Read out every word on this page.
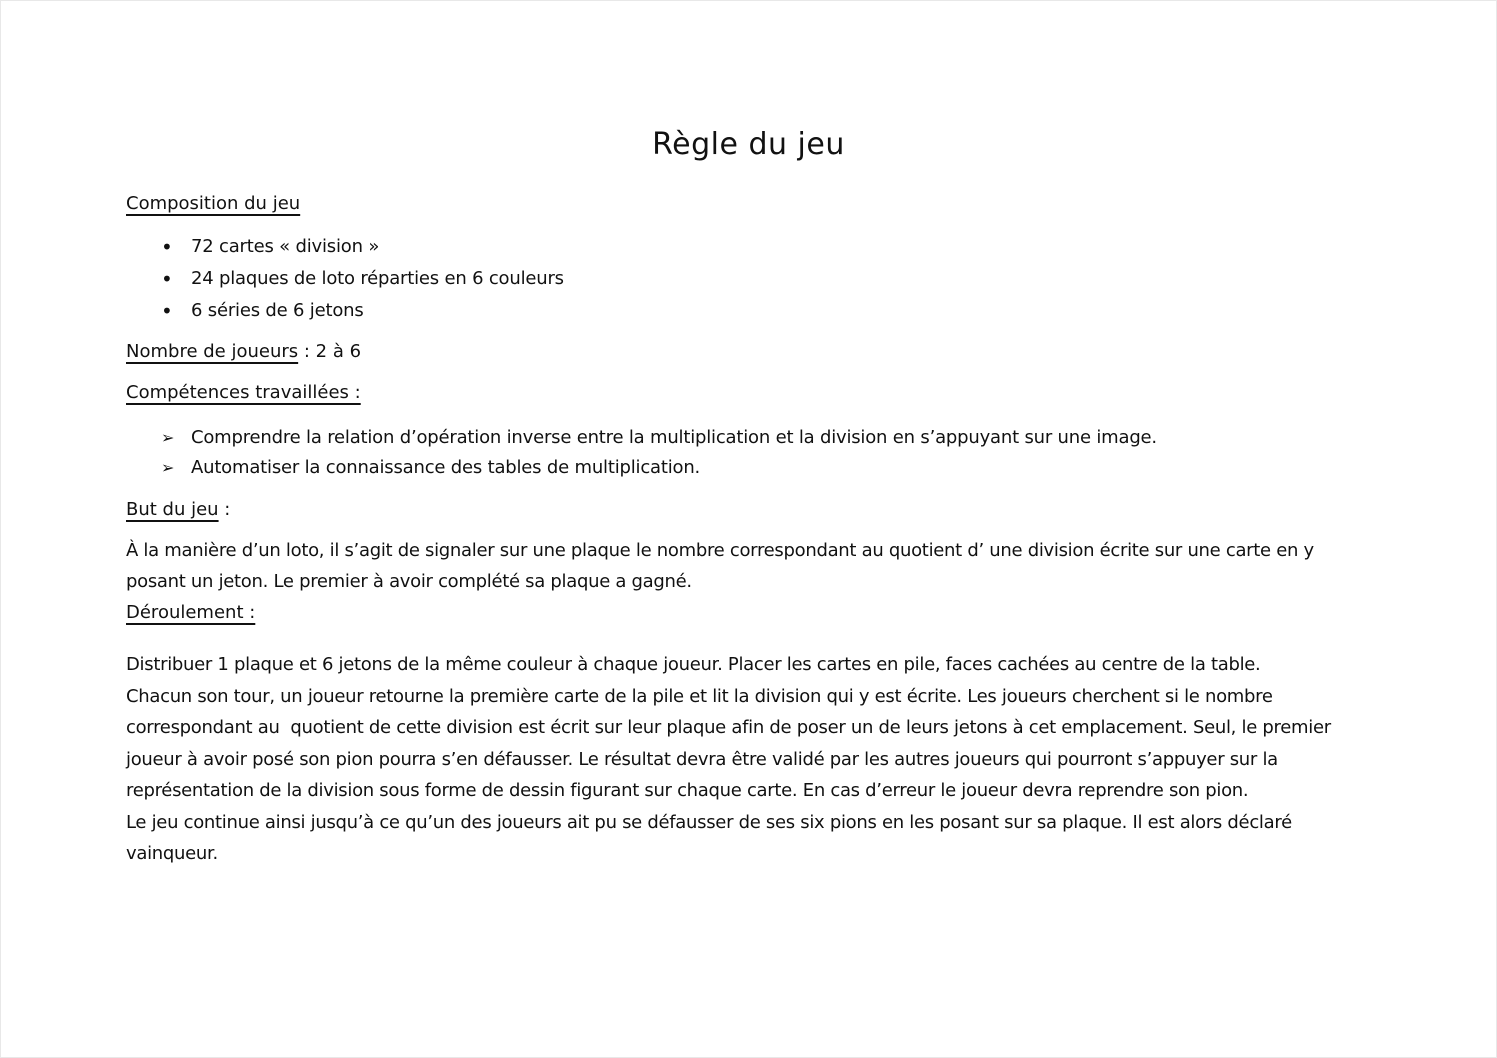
Règle du jeu
Composition du jeu
•	72 cartes « division »
•	24 plaques de loto réparties en 6 couleurs
•	6 séries de 6 jetons
Nombre de joueurs : 2 à 6
Compétences travaillées :
➢ Comprendre la relation d’opération inverse entre la multiplication et la division en s’appuyant sur une image.
➢ Automatiser la connaissance des tables de multiplication.
But du jeu :
À la manière d’un loto, il s’agit de signaler sur une plaque le nombre correspondant au quotient d’ une division écrite sur une carte en y
posant un jeton. Le premier à avoir complété sa plaque a gagné.
Déroulement :
Distribuer 1 plaque et 6 jetons de la même couleur à chaque joueur. Placer les cartes en pile, faces cachées au centre de la table.
Chacun son tour, un joueur retourne la première carte de la pile et lit la division qui y est écrite. Les joueurs cherchent si le nombre
correspondant au  quotient de cette division est écrit sur leur plaque afin de poser un de leurs jetons à cet emplacement. Seul, le premier
joueur à avoir posé son pion pourra s’en défausser. Le résultat devra être validé par les autres joueurs qui pourront s’appuyer sur la
représentation de la division sous forme de dessin figurant sur chaque carte. En cas d’erreur le joueur devra reprendre son pion.
Le jeu continue ainsi jusqu’à ce qu’un des joueurs ait pu se défausser de ses six pions en les posant sur sa plaque. Il est alors déclaré
vainqueur.
